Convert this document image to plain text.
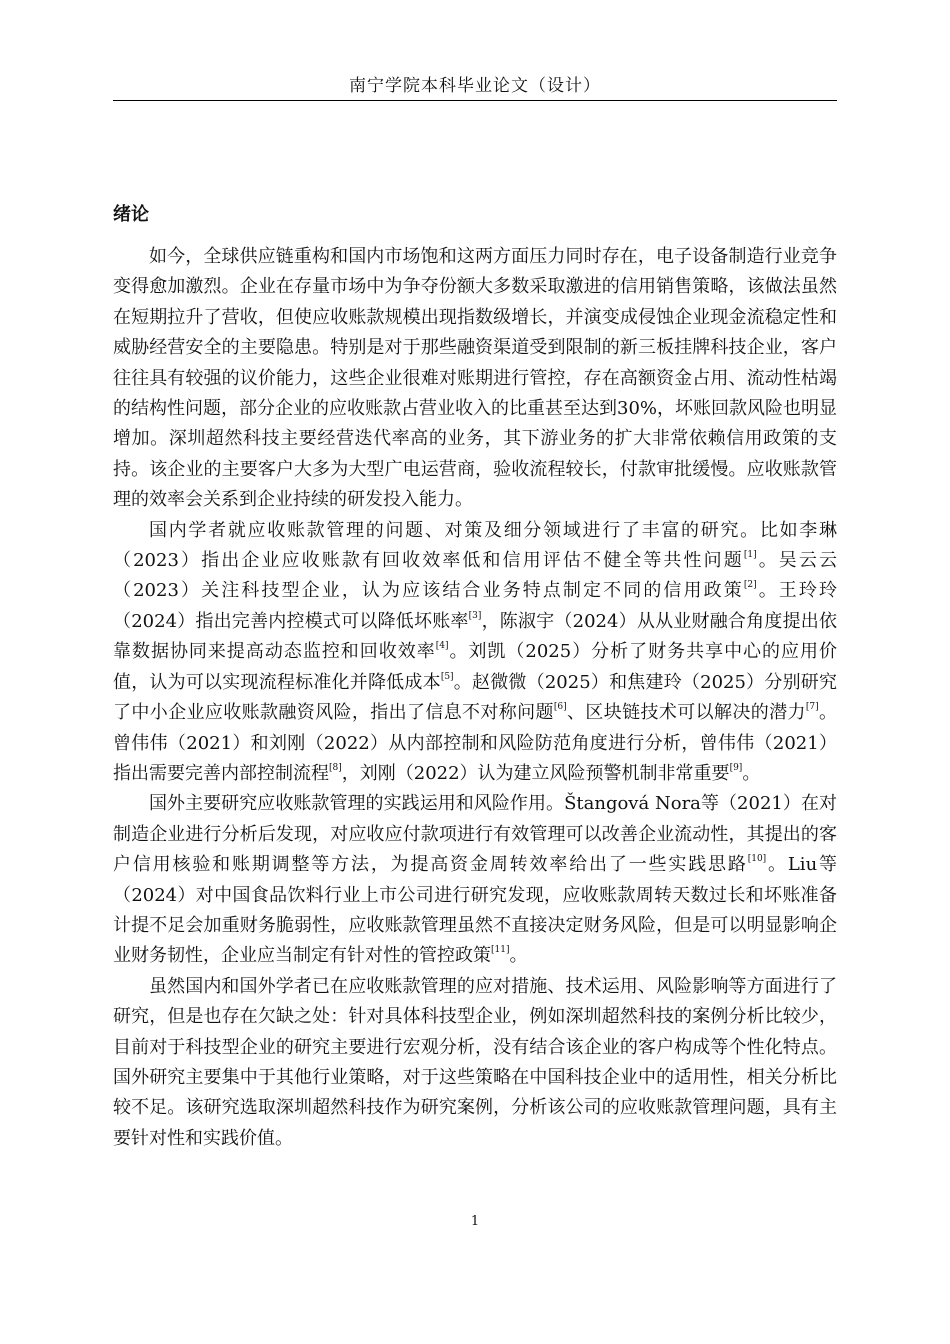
南宁学院本科毕业论文（设计）
绪论

如今，全球供应链重构和国内市场饱和这两方面压力同时存在，电子设备制造行业竞争变得愈加激烈。企业在存量市场中为争夺份额大多数采取激进的信用销售策略，该做法虽然在短期拉升了营收，但使应收账款规模出现指数级增长，并演变成侵蚀企业现金流稳定性和威胁经营安全的主要隐患。特别是对于那些融资渠道受到限制的新三板挂牌科技企业，客户往往具有较强的议价能力，这些企业很难对账期进行管控，存在高额资金占用、流动性枯竭的结构性问题，部分企业的应收账款占营业收入的比重甚至达到30%，坏账回款风险也明显增加。深圳超然科技主要经营迭代率高的业务，其下游业务的扩大非常依赖信用政策的支持。该企业的主要客户大多为大型广电运营商，验收流程较长，付款审批缓慢。应收账款管理的效率会关系到企业持续的研发投入能力。

国内学者就应收账款管理的问题、对策及细分领域进行了丰富的研究。比如李琳（2023）指出企业应收账款有回收效率低和信用评估不健全等共性问题[1]。吴云云（2023）关注科技型企业，认为应该结合业务特点制定不同的信用政策[2]。王玲玲（2024）指出完善内控模式可以降低坏账率[3]，陈淑宇（2024）从从业财融合角度提出依靠数据协同来提高动态监控和回收效率[4]。刘凯（2025）分析了财务共享中心的应用价值，认为可以实现流程标准化并降低成本[5]。赵微微（2025）和焦建玲（2025）分别研究了中小企业应收账款融资风险，指出了信息不对称问题[6]、区块链技术可以解决的潜力[7]。曾伟伟（2021）和刘刚（2022）从内部控制和风险防范角度进行分析，曾伟伟（2021）指出需要完善内部控制流程[8]，刘刚（2022）认为建立风险预警机制非常重要[9]。

国外主要研究应收账款管理的实践运用和风险作用。Štangová Nora等（2021）在对制造企业进行分析后发现，对应收应付款项进行有效管理可以改善企业流动性，其提出的客户信用核验和账期调整等方法，为提高资金周转效率给出了一些实践思路[10]。Liu等（2024）对中国食品饮料行业上市公司进行研究发现，应收账款周转天数过长和坏账准备计提不足会加重财务脆弱性，应收账款管理虽然不直接决定财务风险，但是可以明显影响企业财务韧性，企业应当制定有针对性的管控政策[11]。

虽然国内和国外学者已在应收账款管理的应对措施、技术运用、风险影响等方面进行了研究，但是也存在欠缺之处：针对具体科技型企业，例如深圳超然科技的案例分析比较少，目前对于科技型企业的研究主要进行宏观分析，没有结合该企业的客户构成等个性化特点。国外研究主要集中于其他行业策略，对于这些策略在中国科技企业中的适用性，相关分析比较不足。该研究选取深圳超然科技作为研究案例，分析该公司的应收账款管理问题，具有主要针对性和实践价值。

1
